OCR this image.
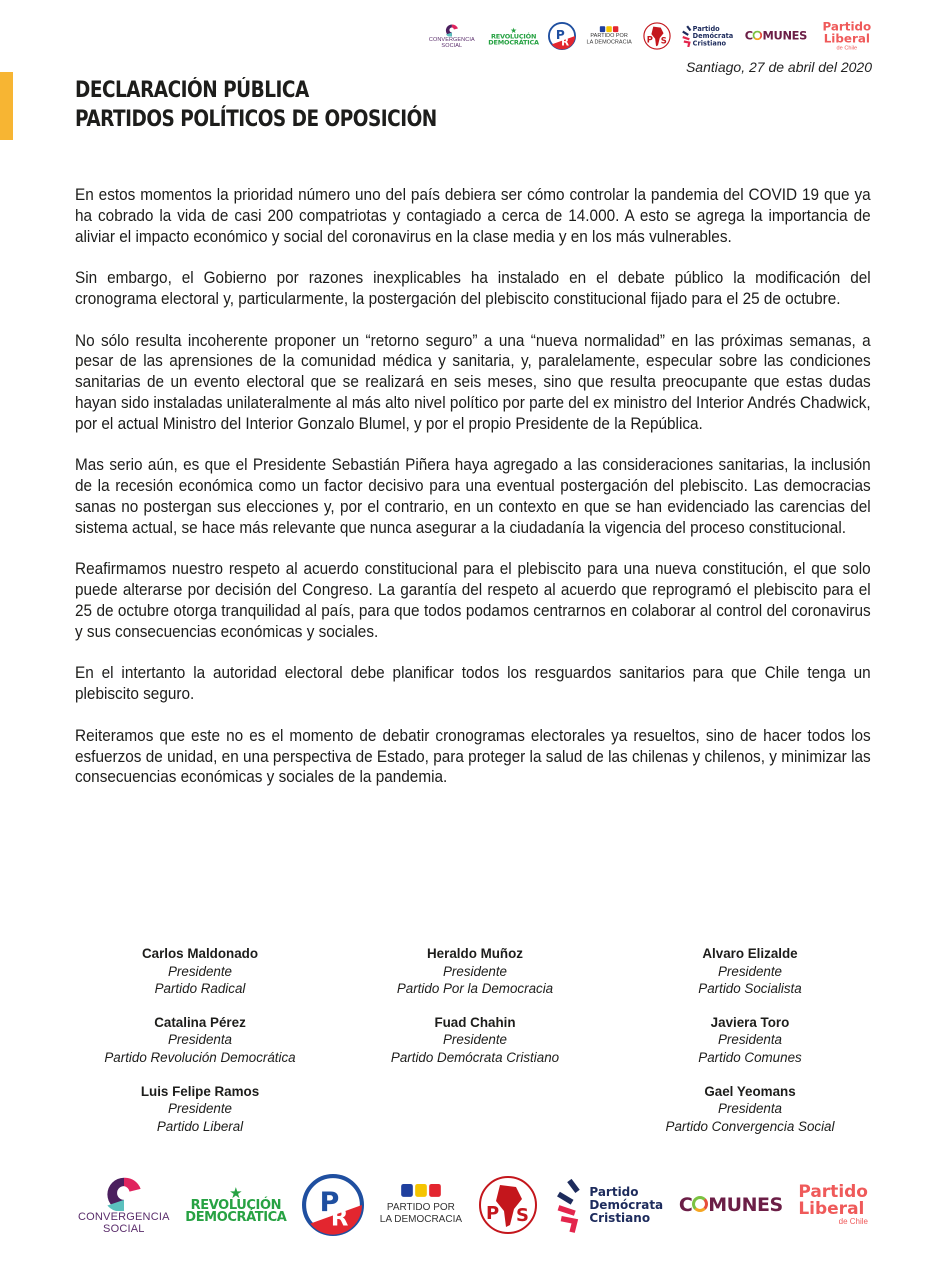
CONVERGENCIA
SOCIAL
★
REVOLUCIÓN
DEMOCRÁTICA
P
R
PARTIDO POR
LA DEMOCRACIA P S
Partido
Demócrata
Cristiano
C MUNES
Partido
Liberal
de Chile
Santiago, 27 de abril del 2020
DECLARACIÓN PÚBLICA
PARTIDOS POLÍTICOS DE OPOSICIÓN

En estos momentos la prioridad número uno del país debiera ser cómo controlar la pandemia del COVID 19 que ya ha cobrado la vida de casi 200 compatriotas y contagiado a cerca de 14.000. A esto se agrega la importancia de aliviar el impacto económico y social del coronavirus en la clase media y en los más vulnerables.

Sin embargo, el Gobierno por razones inexplicables ha instalado en el debate público la modificación del cronograma electoral y, particularmente, la postergación del plebiscito constitucional fijado para el 25 de octubre.

No sólo resulta incoherente proponer un “retorno seguro” a una “nueva normalidad” en las próximas semanas, a pesar de las aprensiones de la comunidad médica y sanitaria, y, paralelamente, especular sobre las condiciones sanitarias de un evento electoral que se realizará en seis meses, sino que resulta preocupante que estas dudas hayan sido instaladas unilateralmente al más alto nivel político por parte del ex ministro del Interior Andrés Chadwick, por el actual Ministro del Interior Gonzalo Blumel, y por el propio Presidente de la República.

Mas serio aún, es que el Presidente Sebastián Piñera haya agregado a las consideraciones sanitarias, la inclusión de la recesión económica como un factor decisivo para una eventual postergación del plebiscito. Las democracias sanas no postergan sus elecciones y, por el contrario, en un contexto en que se han evidenciado las carencias del sistema actual, se hace más relevante que nunca asegurar a la ciudadanía la vigencia del proceso constitucional.

Reafirmamos nuestro respeto al acuerdo constitucional para el plebiscito para una nueva constitución, el que solo puede alterarse por decisión del Congreso. La garantía del respeto al acuerdo que reprogramó el plebiscito para el 25 de octubre otorga tranquilidad al país, para que todos podamos centrarnos en colaborar al control del coronavirus y sus consecuencias económicas y sociales.

En el intertanto la autoridad electoral debe planificar todos los resguardos sanitarios para que Chile tenga un plebiscito seguro.

Reiteramos que este no es el momento de debatir cronogramas electorales ya resueltos, sino de hacer todos los esfuerzos de unidad, en una perspectiva de Estado, para proteger la salud de las chilenas y chilenos, y minimizar las consecuencias económicas y sociales de la pandemia.

Carlos Maldonado
Presidente
Partido Radical
Heraldo Muñoz
Presidente
Partido Por la Democracia
Alvaro Elizalde
Presidente
Partido Socialista
Catalina Pérez
Presidenta
Partido Revolución Democrática
Fuad Chahin
Presidente
Partido Demócrata Cristiano
Javiera Toro
Presidenta
Partido Comunes
Luis Felipe Ramos
Presidente
Partido Liberal
Gael Yeomans
Presidenta
Partido Convergencia Social
CONVERGENCIA
SOCIAL
★
REVOLUCIÓN
DEMOCRÁTICA P
R	PARTIDO POR
LA DEMOCRACIA P S
Partido
Demócrata
Cristiano
C MUNES
Partido
Liberal
de Chile
